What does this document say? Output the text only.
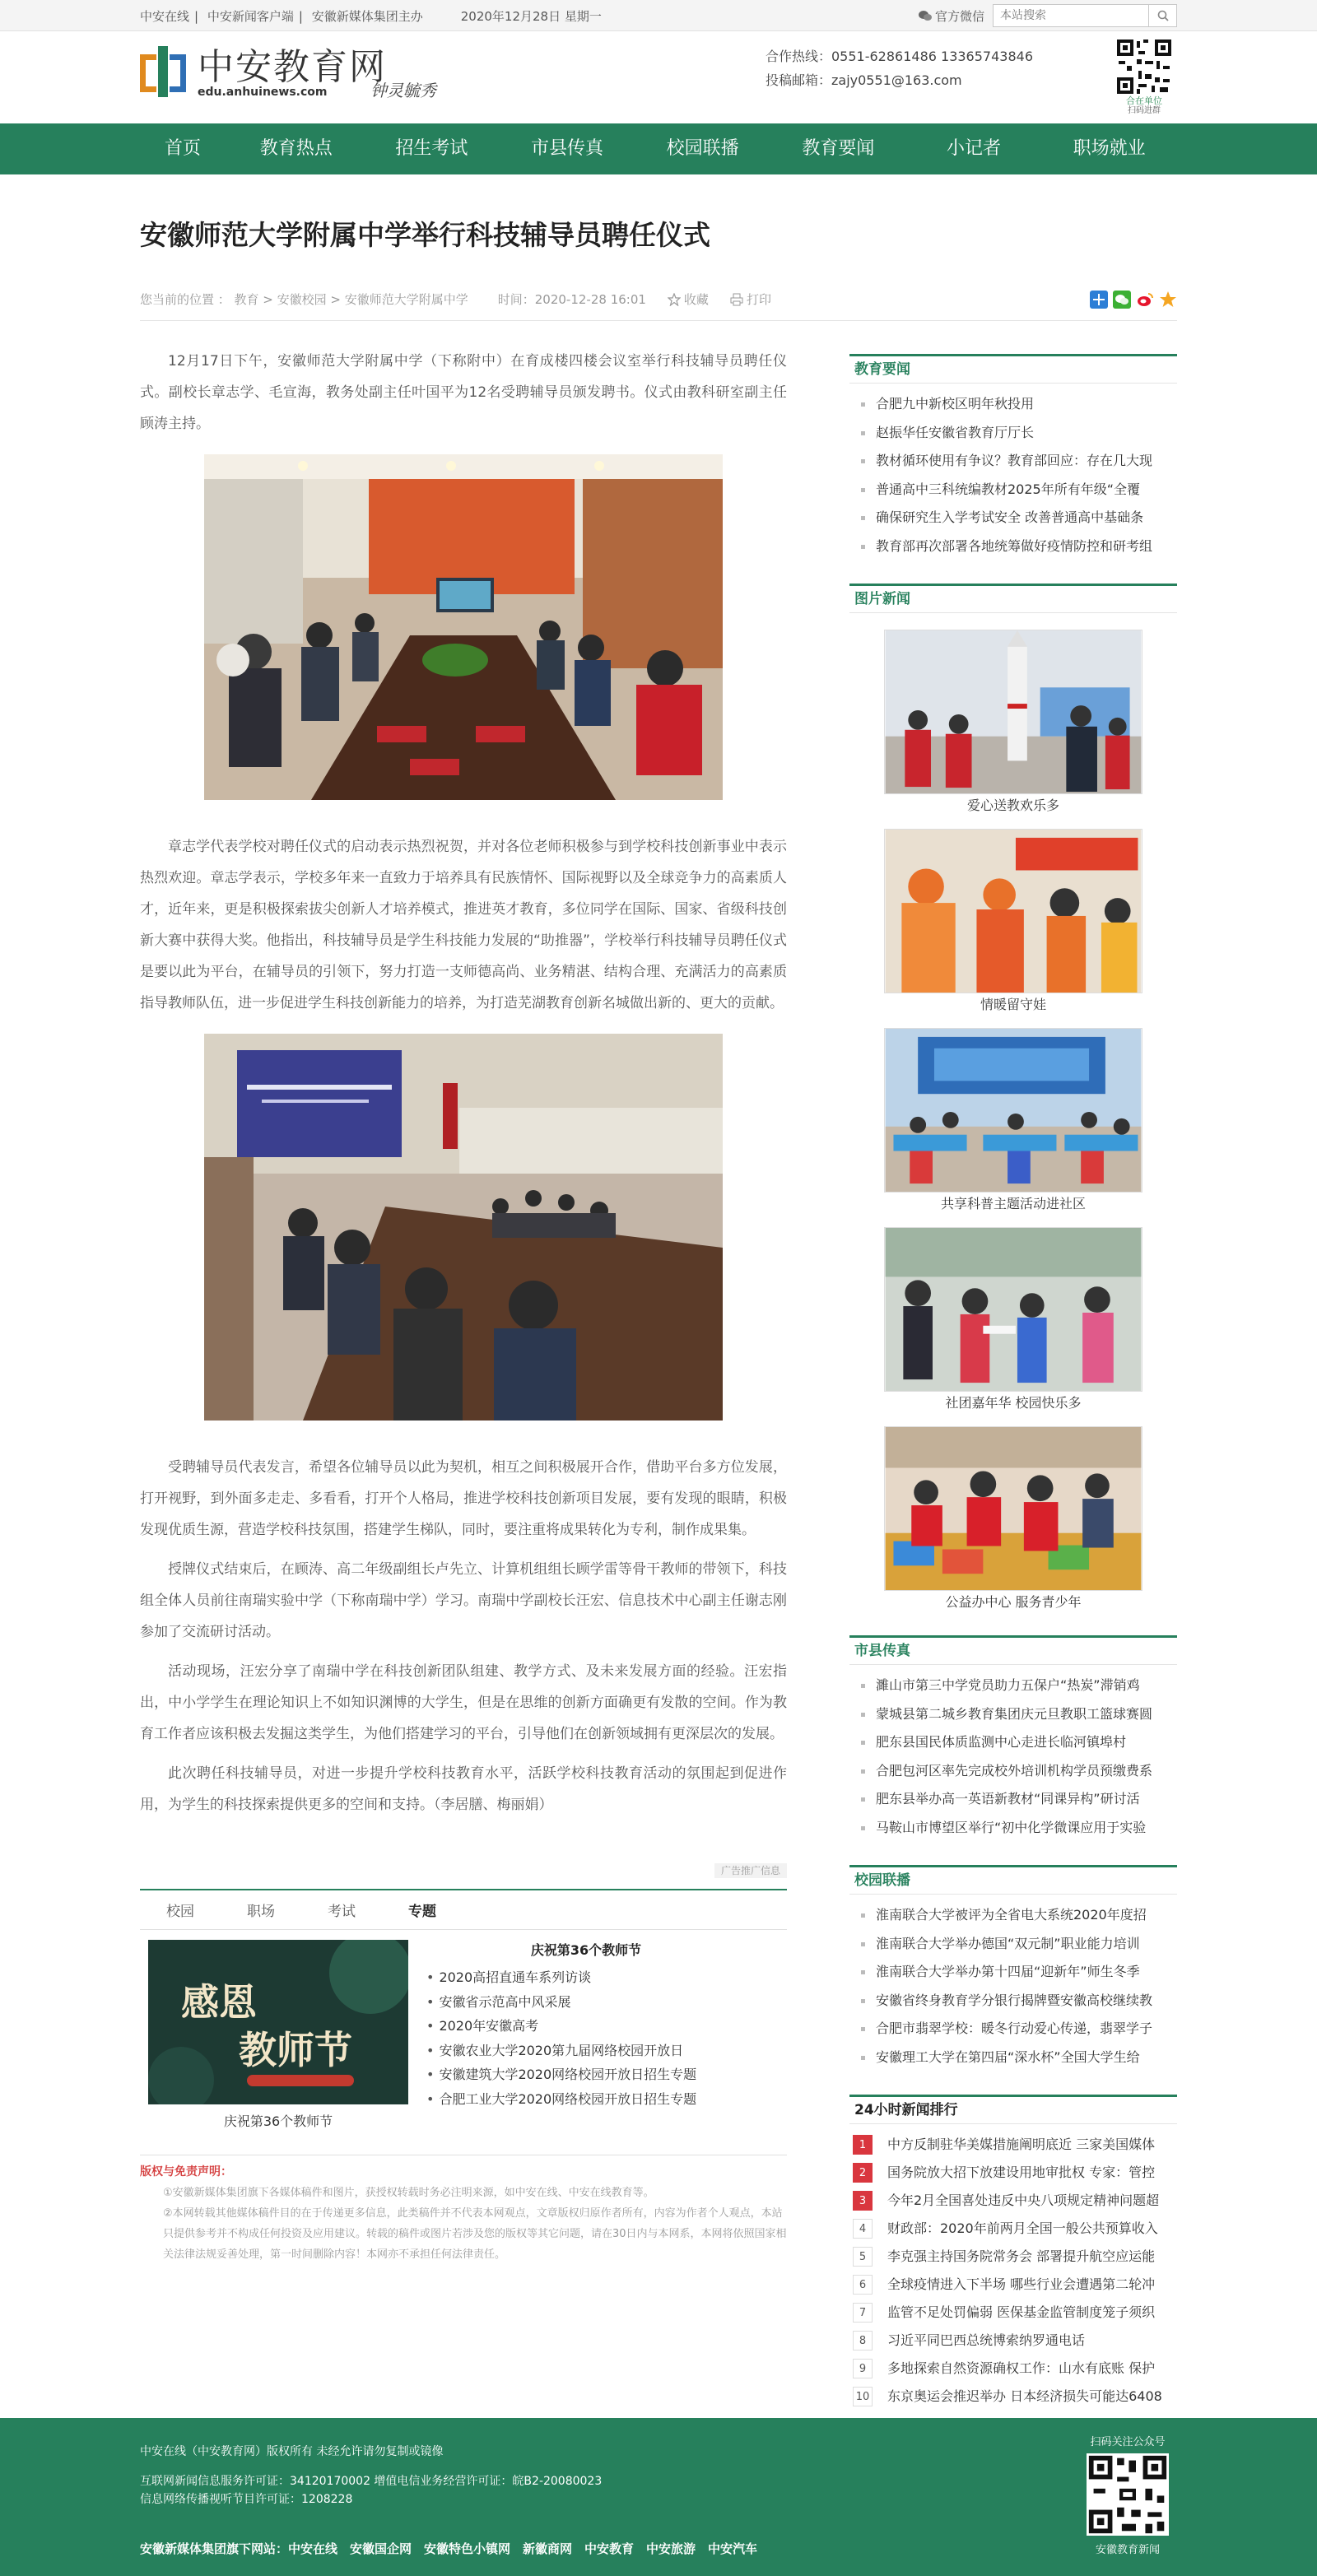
中安在线 | 中安新闻客户端 | 安徽新媒体集团主办	2020年12月28日 星期一	官方微信
本站搜索
中安教育网
edu.anhuinews.com	钟灵毓秀
合作热线：0551-62861486 13365743846
投稿邮箱：zajy0551@163.com
合在单位
扫码进群
首页	教育热点	招生考试	市县传真	校园联播	教育要闻	小记者	职场就业
安徽师范大学附属中学举行科技辅导员聘任仪式
您当前的位置 ： 教育 > 安徽校园 > 安徽师范大学附属中学 时间：2020-12-28 16:01	收藏	打印

12月17日下午，安徽师范大学附属中学（下称附中）在育成楼四楼会议室举行科技辅导员聘任仪式。副校长章志学、毛宣海，教务处副主任叶国平为12名受聘辅导员颁发聘书。仪式由教科研室副主任顾涛主持。

章志学代表学校对聘任仪式的启动表示热烈祝贺，并对各位老师积极参与到学校科技创新事业中表示热烈欢迎。章志学表示，学校多年来一直致力于培养具有民族情怀、国际视野以及全球竞争力的高素质人才，近年来，更是积极探索拔尖创新人才培养模式，推进英才教育，多位同学在国际、国家、省级科技创新大赛中获得大奖。他指出，科技辅导员是学生科技能力发展的“助推器”，学校举行科技辅导员聘任仪式是要以此为平台，在辅导员的引领下，努力打造一支师德高尚、业务精湛、结构合理、充满活力的高素质指导教师队伍，进一步促进学生科技创新能力的培养，为打造芜湖教育创新名城做出新的、更大的贡献。

受聘辅导员代表发言，希望各位辅导员以此为契机，相互之间积极展开合作，借助平台多方位发展，打开视野，到外面多走走、多看看，打开个人格局，推进学校科技创新项目发展，要有发现的眼睛，积极发现优质生源，营造学校科技氛围，搭建学生梯队，同时，要注重将成果转化为专利，制作成果集。

授牌仪式结束后，在顾涛、高二年级副组长卢先立、计算机组组长顾学雷等骨干教师的带领下，科技组全体人员前往南瑞实验中学（下称南瑞中学）学习。南瑞中学副校长汪宏、信息技术中心副主任谢志刚参加了交流研讨活动。

活动现场，汪宏分享了南瑞中学在科技创新团队组建、教学方式、及未来发展方面的经验。汪宏指出，中小学学生在理论知识上不如知识渊博的大学生，但是在思维的创新方面确更有发散的空间。作为教育工作者应该积极去发掘这类学生，为他们搭建学习的平台，引导他们在创新领域拥有更深层次的发展。

此次聘任科技辅导员，对进一步提升学校科技教育水平，活跃学校科技教育活动的氛围起到促进作用，为学生的科技探索提供更多的空间和支持。（李居膳、梅丽娟）

广告推广信息
校园	职场	考试	专题
感恩
教师节
庆祝第36个教师节
庆祝第36个教师节
• 2020高招直通车系列访谈
• 安徽省示范高中风采展
• 2020年安徽高考
• 安徽农业大学2020第九届网络校园开放日
• 安徽建筑大学2020网络校园开放日招生专题
• 合肥工业大学2020网络校园开放日招生专题
版权与免责声明：

①安徽新媒体集团旗下各媒体稿件和图片，获授权转载时务必注明来源，如中安在线、中安在线教育等。

②本网转载其他媒体稿件目的在于传递更多信息，此类稿件并不代表本网观点，文章版权归原作者所有，内容为作者个人观点，本站只提供参考并不构成任何投资及应用建议。转载的稿件或图片若涉及您的版权等其它问题，请在30日内与本网系，本网将依照国家相关法律法规妥善处理，第一时间删除内容！本网亦不承担任何法律责任。

教育要闻
合肥九中新校区明年秋投用
赵振华任安徽省教育厅厅长
教材循环使用有争议？教育部回应：存在几大现
普通高中三科统编教材2025年所有年级“全覆
确保研究生入学考试安全 改善普通高中基础条
教育部再次部署各地统筹做好疫情防控和研考组
图片新闻
爱心送教欢乐多
情暖留守娃
共享科普主题活动进社区
社团嘉年华 校园快乐多
公益办中心 服务青少年
市县传真
濉山市第三中学党员助力五保户“热炭”滞销鸡
蒙城县第二城乡教育集团庆元旦教职工篮球赛圆
肥东县国民体质监测中心走进长临河镇埠村
合肥包河区率先完成校外培训机构学员预缴费系
肥东县举办高一英语新教材“同课异构”研讨活
马鞍山市博望区举行“初中化学微课应用于实验
校园联播
淮南联合大学被评为全省电大系统2020年度招
淮南联合大学举办德国“双元制”职业能力培训
淮南联合大学举办第十四届“迎新年”师生冬季
安徽省终身教育学分银行揭牌暨安徽高校继续教
合肥市翡翠学校：暖冬行动爱心传递，翡翠学子
安徽理工大学在第四届“深水杯”全国大学生给
24小时新闻排行
1	中方反制驻华美媒措施阐明底近 三家美国媒体
2	国务院放大招下放建设用地审批权 专家：管控
3	今年2月全国喜处违反中央八项规定精神问题超
4	财政部：2020年前两月全国一般公共预算收入
5	李克强主持国务院常务会 部署提升航空应运能
6	全球疫情进入下半场 哪些行业会遭遇第二轮冲
7	监管不足处罚偏弱 医保基金监管制度笼子须织
8	习近平同巴西总统博索纳罗通电话
9	多地探索自然资源确权工作：山水有底账 保护
10 东京奥运会推迟举办 日本经济损失可能达6408
中安在线（中安教育网）版权所有 未经允许请勿复制或镜像
互联网新闻信息服务许可证：34120170002 增值电信业务经营许可证：皖B2-20080023
信息网络传播视听节目许可证：1208228
安徽新媒体集团旗下网站：中安在线　安徽国企网　安徽特色小镇网　新徽商网　中安教育　中安旅游　中安汽车
扫码关注公众号
安徽教育新闻
